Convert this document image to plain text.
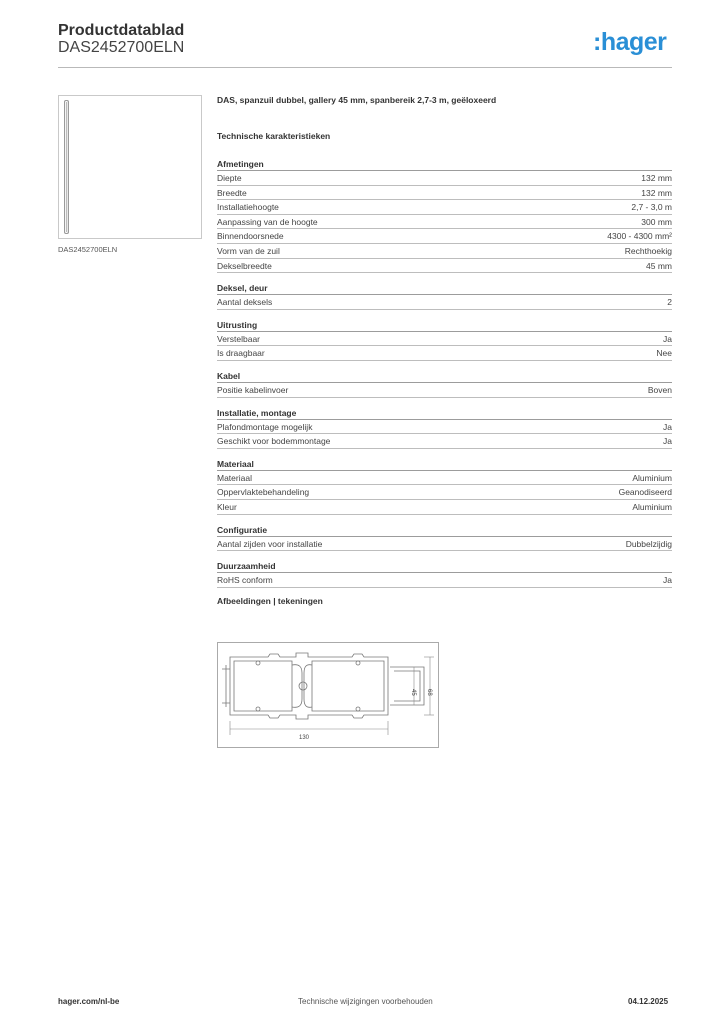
Productdatablad
DAS2452700ELN	:hager
DAS2452700ELN
DAS, spanzuil dubbel, gallery 45 mm, spanbereik 2,7-3 m, geëloxeerd
Technische karakteristieken
Afmetingen
Diepte	132 mm
Breedte	132 mm
Installatiehoogte	2,7 - 3,0 m
Aanpassing van de hoogte	300 mm
Binnendoorsnede	4300 - 4300 mm²
Vorm van de zuil	Rechthoekig
Dekselbreedte	45 mm
Deksel, deur
Aantal deksels	2
Uitrusting
Verstelbaar	Ja
Is draagbaar	Nee
Kabel
Positie kabelinvoer	Boven
Installatie, montage
Plafondmontage mogelijk	Ja
Geschikt voor bodemmontage	Ja
Materiaal
Materiaal	Aluminium
Oppervlaktebehandeling	Geanodiseerd
Kleur	Aluminium
Configuratie
Aantal zijden voor installatie	Dubbelzijdig
Duurzaamheid
RoHS conform	Ja
Afbeeldingen | tekeningen
130
45 68
hager.com/nl-be	Technische wijzigingen voorbehouden	04.12.2025
